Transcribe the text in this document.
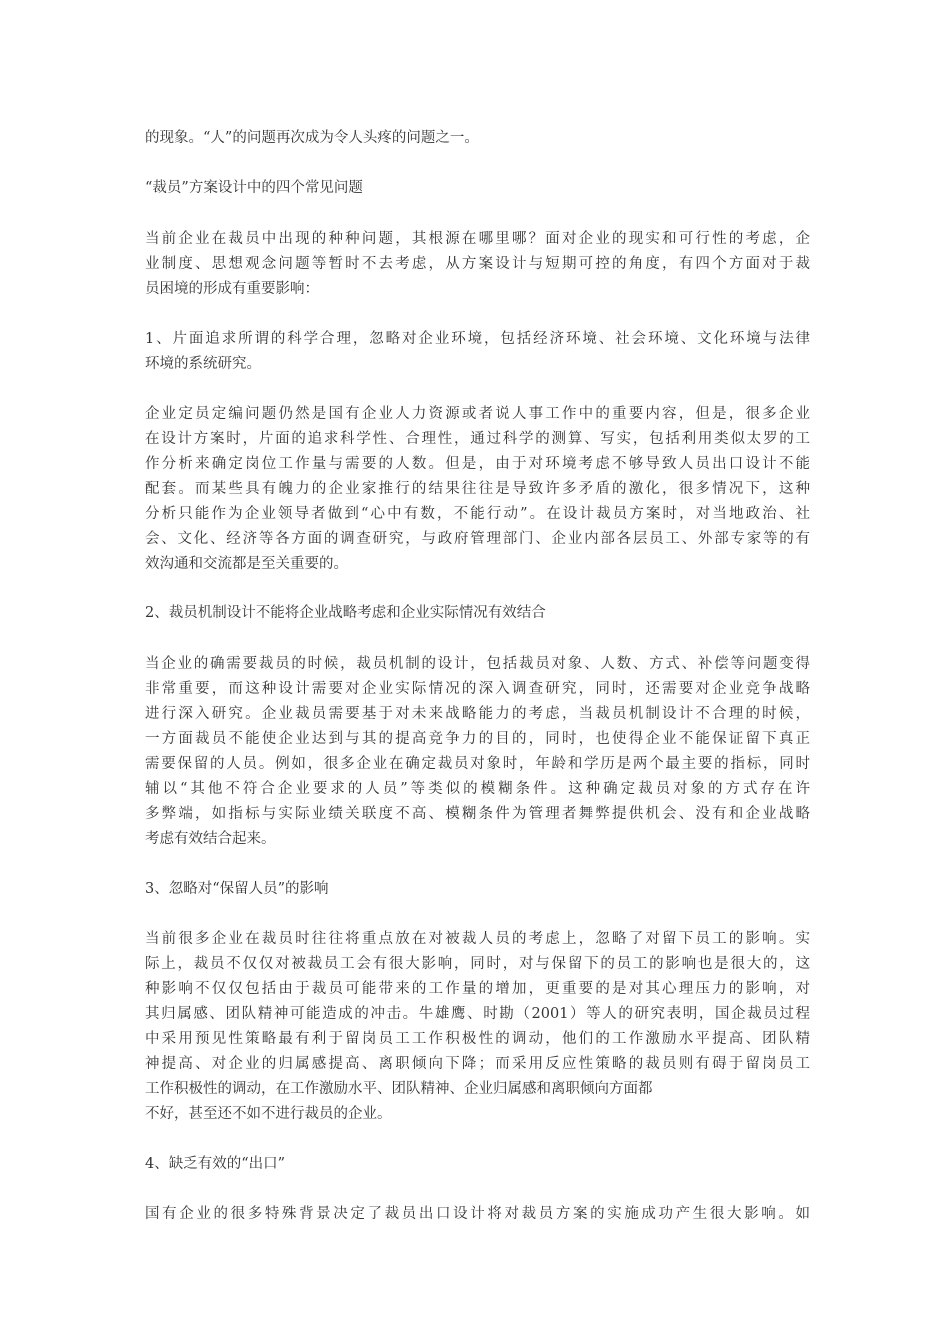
的现象。“人”的问题再次成为令人头疼的问题之一。
“裁员”方案设计中的四个常见问题
当前企业在裁员中出现的种种问题，其根源在哪里哪？面对企业的现实和可行性的考虑，企
业制度、思想观念问题等暂时不去考虑，从方案设计与短期可控的角度，有四个方面对于裁
员困境的形成有重要影响：
1、片面追求所谓的科学合理，忽略对企业环境，包括经济环境、社会环境、文化环境与法律
环境的系统研究。
企业定员定编问题仍然是国有企业人力资源或者说人事工作中的重要内容，但是，很多企业
在设计方案时，片面的追求科学性、合理性，通过科学的测算、写实，包括利用类似太罗的工
作分析来确定岗位工作量与需要的人数。但是，由于对环境考虑不够导致人员出口设计不能
配套。而某些具有魄力的企业家推行的结果往往是导致许多矛盾的激化，很多情况下，这种
分析只能作为企业领导者做到“心中有数，不能行动”。在设计裁员方案时，对当地政治、社
会、文化、经济等各方面的调查研究，与政府管理部门、企业内部各层员工、外部专家等的有
效沟通和交流都是至关重要的。
2、裁员机制设计不能将企业战略考虑和企业实际情况有效结合
当企业的确需要裁员的时候，裁员机制的设计，包括裁员对象、人数、方式、补偿等问题变得
非常重要，而这种设计需要对企业实际情况的深入调查研究，同时，还需要对企业竞争战略
进行深入研究。企业裁员需要基于对未来战略能力的考虑，当裁员机制设计不合理的时候，
一方面裁员不能使企业达到与其的提高竞争力的目的，同时，也使得企业不能保证留下真正
需要保留的人员。例如，很多企业在确定裁员对象时，年龄和学历是两个最主要的指标，同时
辅以“其他不符合企业要求的人员”等类似的模糊条件。这种确定裁员对象的方式存在许
多弊端，如指标与实际业绩关联度不高、模糊条件为管理者舞弊提供机会、没有和企业战略
考虑有效结合起来。
3、忽略对“保留人员”的影响
当前很多企业在裁员时往往将重点放在对被裁人员的考虑上，忽略了对留下员工的影响。实
际上，裁员不仅仅对被裁员工会有很大影响，同时，对与保留下的员工的影响也是很大的，这
种影响不仅仅包括由于裁员可能带来的工作量的增加，更重要的是对其心理压力的影响，对
其归属感、团队精神可能造成的冲击。牛雄鹰、时勘（2001）等人的研究表明，国企裁员过程
中采用预见性策略最有利于留岗员工工作积极性的调动，他们的工作激励水平提高、团队精
神提高、对企业的归属感提高、离职倾向下降；而采用反应性策略的裁员则有碍于留岗员工
工作积极性的调动，在工作激励水平、团队精神、企业归属感和离职倾向方面都
不好，甚至还不如不进行裁员的企业。
4、缺乏有效的“出口”
国有企业的很多特殊背景决定了裁员出口设计将对裁员方案的实施成功产生很大影响。如
